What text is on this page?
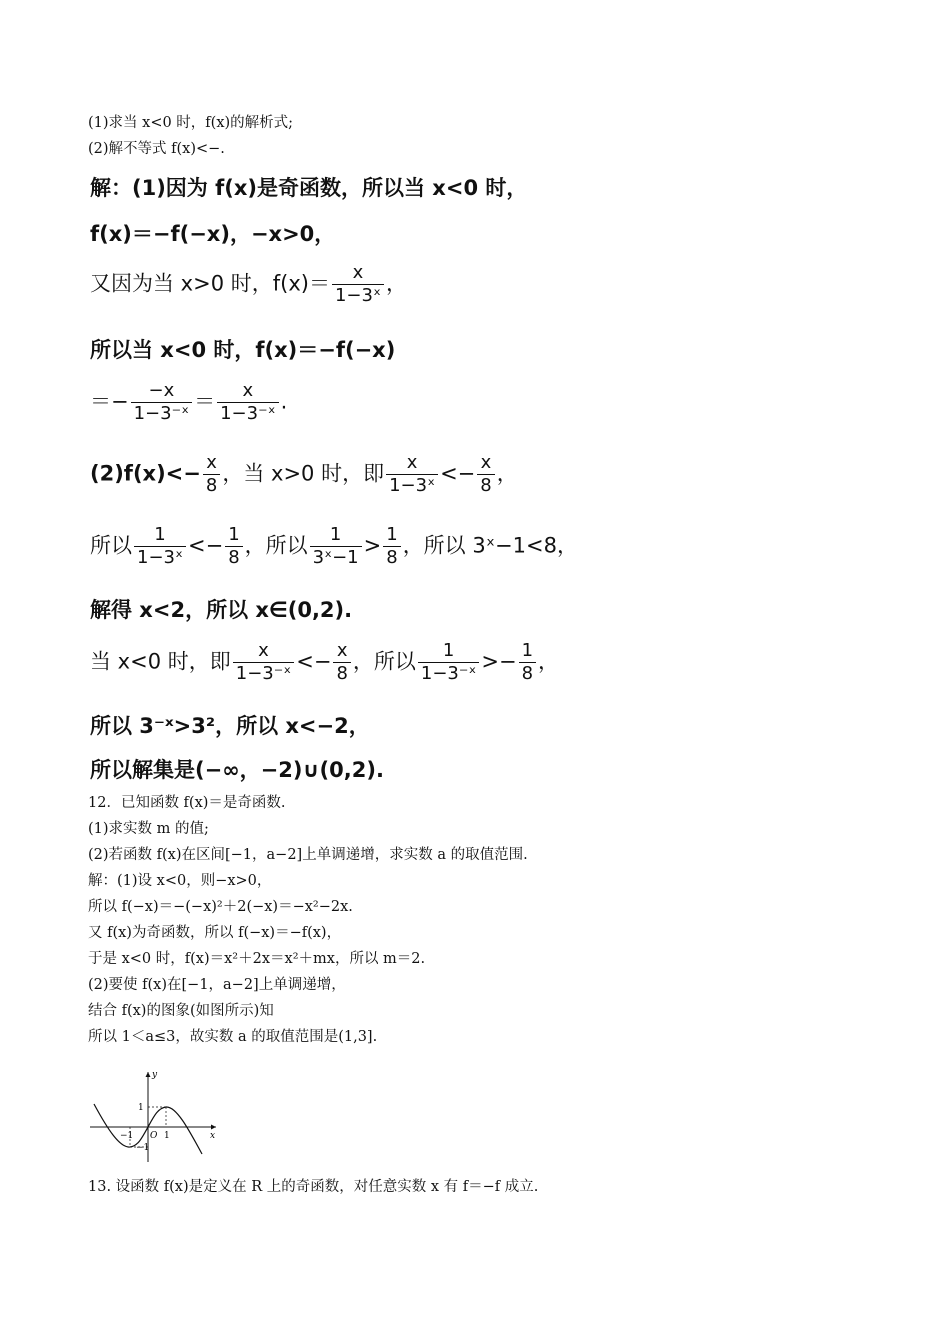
(1)求当 x<0 时，f(x)的解析式;
(2)解不等式 f(x)<−.
解：(1)因为 f(x)是奇函数，所以当 x<0 时，
f(x)＝−f(−x)，−x>0，
又因为当 x>0 时，$f(x)= \frac{x}{\text{1−3ˣ}}$ ，
所以当 x<0 时，f(x)＝−f(−x)
＝− $\frac{-x}{\text{1−3⁻ˣ}} = \frac{x}{\text{1−3⁻ˣ}}$ .
$(2)f(x)<- \frac{x}{8}$ ，当 x>0 时，即 $\frac{x}{\text{1−3ˣ}} <- \frac{x}{8}$ ，
所以 $\frac{1}{\text{1−3ˣ}} <- \frac{1}{8}$ ，所以 $\frac{1}{\text{3ˣ−1}} > \frac{1}{8}$ ，所以 3ˣ−1<8，
解得 x<2，所以 x∈(0,2).
当 x<0 时，即 $\frac{x}{\text{1−3⁻ˣ}} <- \frac{x}{8}$ ，所以 $\frac{1}{\text{1−3⁻ˣ}} >- \frac{1}{8}$ ，
所以 3⁻ˣ>3²，所以 x<−2，
所以解集是(−∞，−2)∪(0,2).
12．已知函数 f(x)＝是奇函数.
(1)求实数 m 的值;
(2)若函数 f(x)在区间[−1，a−2]上单调递增，求实数 a 的取值范围.
解：(1)设 x<0，则−x>0，
所以 f(−x)＝−(−x)²＋2(−x)＝−x²−2x.
又 f(x)为奇函数，所以 f(−x)＝−f(x)，
于是 x<0 时，f(x)＝x²＋2x＝x²＋mx，所以 m＝2.
(2)要使 f(x)在[−1，a−2]上单调递增，
结合 f(x)的图象(如图所示)知
所以 1＜a≤3，故实数 a 的取值范围是(1,3].
y
x
O
1
−1
1
−1
13. 设函数 f(x)是定义在 R 上的奇函数，对任意实数 x 有 f＝−f 成立.
